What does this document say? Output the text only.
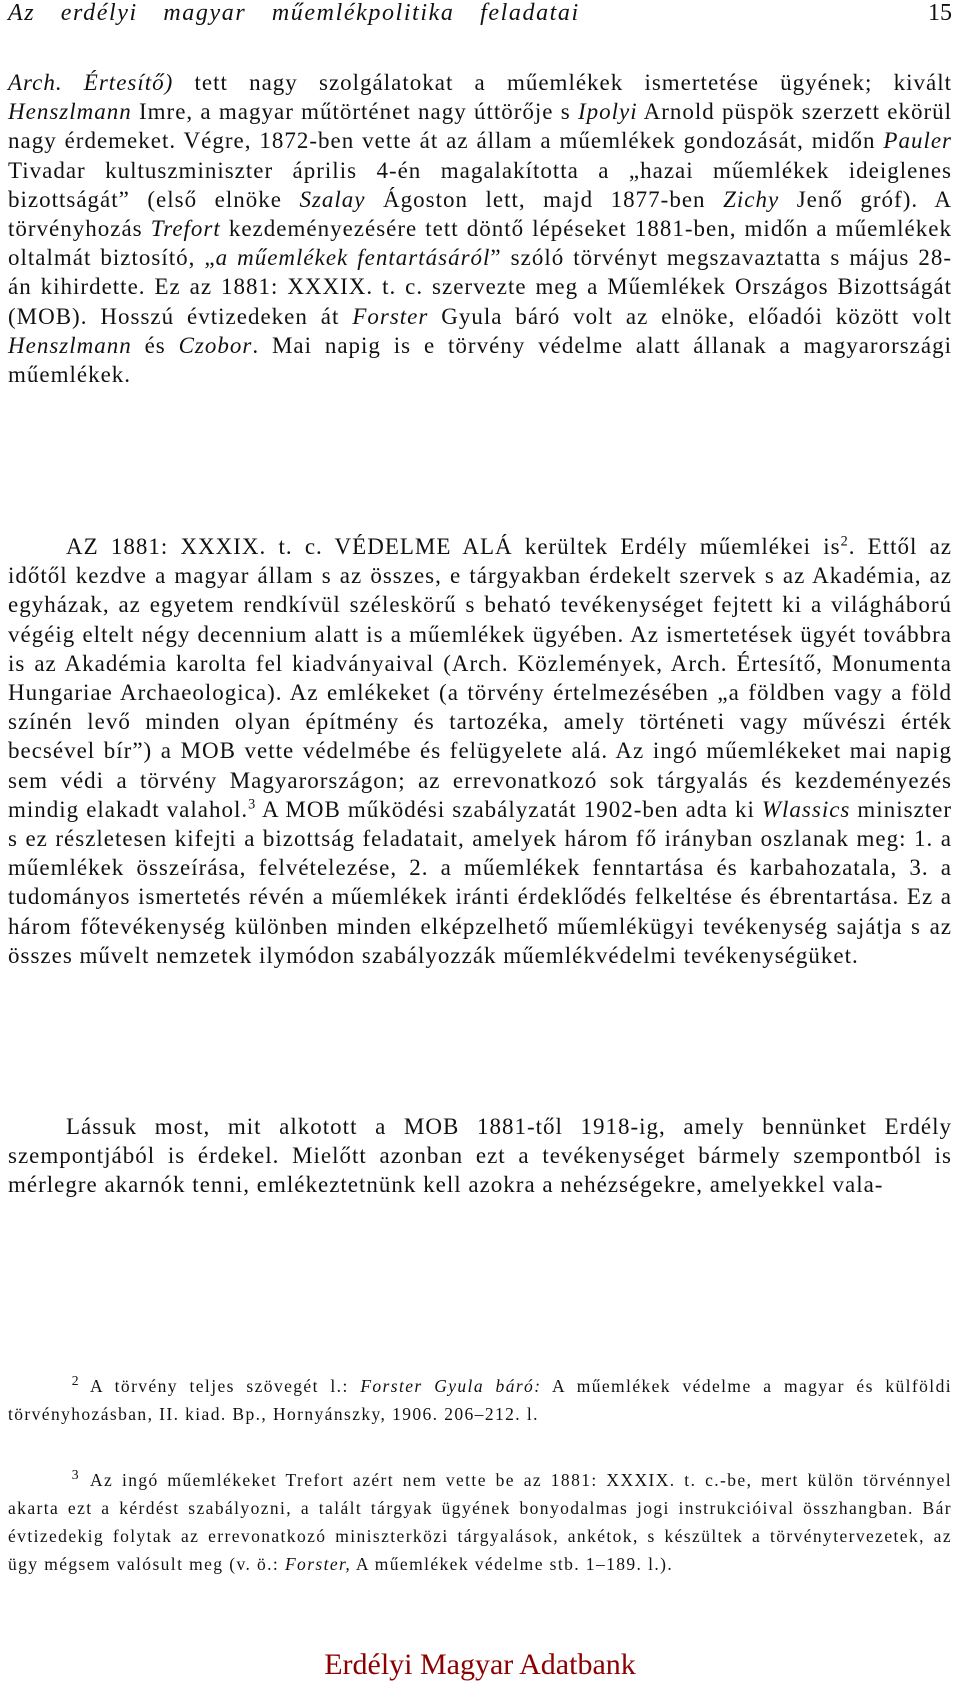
Az erdélyi magyar műemlékpolitika feladatai	15

Arch. Értesítő) tett nagy szolgálatokat a műemlékek ismertetése ügyének; kivált Henszlmann Imre, a magyar műtörténet nagy úttörője s Ipolyi Arnold püspök szerzett ekörül nagy érdemeket. Végre, 1872-ben vette át az állam a műemlékek gondozását, midőn Pauler Tivadar kultuszminiszter április 4-én magalakította a „hazai műemlékek ideiglenes bizottságát” (első elnöke Szalay Ágoston lett, majd 1877-ben Zichy Jenő gróf). A törvényhozás Trefort kezdeményezésére tett döntő lépéseket 1881-ben, midőn a műemlékek oltalmát biztosító, „a műemlékek fentartásáról” szóló törvényt megszavaztatta s május 28-án kihirdette. Ez az 1881: XXXIX. t. c. szervezte meg a Műemlékek Országos Bizottságát (MOB). Hosszú évtizedeken át Forster Gyula báró volt az elnöke, előadói között volt Henszlmann és Czobor. Mai napig is e törvény védelme alatt állanak a magyarországi műemlékek.

AZ 1881: XXXIX. t. c. VÉDELME ALÁ kerültek Erdély műemlékei $is^2$. Ettől az időtől kezdve a magyar állam s az összes, e tárgyakban érdekelt szervek s az Akadémia, az egyházak, az egyetem rendkívül széleskörű s beható tevékenységet fejtett ki a világháború végéig eltelt négy decennium alatt is a műemlékek ügyében. Az ismertetések ügyét továbbra is az Akadémia karolta fel kiadványaival (Arch. Közlemények, Arch. Értesítő, Monumenta Hungariae Archaeologica). Az emlékeket (a törvény értelmezésében „a földben vagy a föld színén levő minden olyan építmény és tartozéka, amely történeti vagy művészi érték becsével bír”) a MOB vette védelmébe és felügyelete alá. Az ingó műemlékeket mai napig sem védi a törvény Magyarországon; az errevonatkozó sok tárgyalás és kezdeményezés mindig elakadt valahol.$^3$ A MOB működési szabályzatát 1902-ben adta ki Wlassics miniszter s ez részletesen kifejti a bizottság feladatait, amelyek három fő irányban oszlanak meg: 1. a műemlékek összeírása, felvételezése, 2. a műemlékek fenntartása és karbahozatala, 3. a tudományos ismertetés révén a műemlékek iránti érdeklődés felkeltése és ébrentartása. Ez a három főtevékenység különben minden elképzelhető műemlékügyi tevékenység sajátja s az összes művelt nemzetek ilymódon szabályozzák műemlékvédelmi tevékenységüket.

Lássuk most, mit alkotott a MOB 1881-től 1918-ig, amely bennünket Erdély szempontjából is érdekel. Mielőtt azonban ezt a tevékenységet bármely szempontból is mérlegre akarnók tenni, emlékeztetnünk kell azokra a nehézségekre, amelyekkel vala-

2 A törvény teljes szövegét l.: Forster Gyula báró: A műemlékek védelme a magyar és külföldi törvényhozásban, II. kiad. Bp., Hornyánszky, 1906. 206–212. l.
3 Az ingó műemlékeket Trefort azért nem vette be az 1881: XXXIX. t. c.-be, mert külön törvénnyel akarta ezt a kérdést szabályozni, a talált tárgyak ügyének bonyodalmas jogi instrukcióival összhangban. Bár évtizedekig folytak az errevonatkozó miniszterközi tárgyalások, ankétok, s készültek a törvénytervezetek, az ügy mégsem valósult meg (v. ö.: Forster, A műemlékek védelme stb. 1–189. l.).
Erdélyi Magyar Adatbank
